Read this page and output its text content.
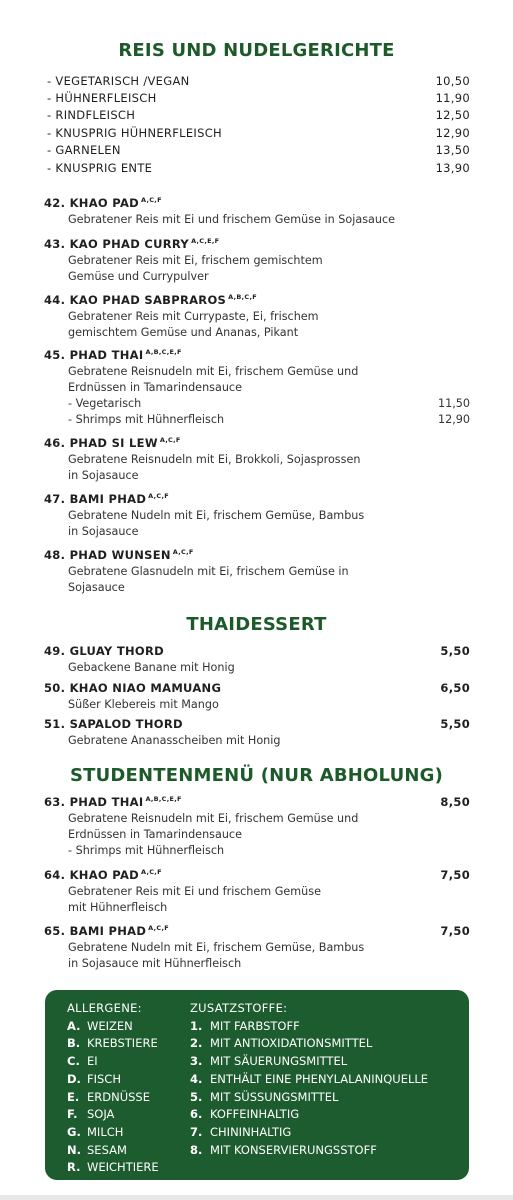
REIS UND NUDELGERICHTE
THAIDESSERT
STUDENTENMENÜ (NUR ABHOLUNG)
- VEGETARISCH /VEGAN	10,50
- HÜHNERFLEISCH	11,90
- RINDFLEISCH	12,50
- KNUSPRIG HÜHNERFLEISCH	12,90
- GARNELEN	13,50
- KNUSPRIG ENTE	13,90
42. KHAO PAD $^{A,C,F}$
Gebratener Reis mit Ei und frischem Gemüse in Sojasauce
43. KAO PHAD CURRY $^{A,C,E,F}$
Gebratener Reis mit Ei, frischem gemischtem
Gemüse und Currypulver
44. KAO PHAD SABPRAROS $^{A,B,C,F}$
Gebratener Reis mit Currypaste, Ei, frischem
gemischtem Gemüse und Ananas, Pikant
45. PHAD THAI $^{A,B,C,E,F}$
Gebratene Reisnudeln mit Ei, frischem Gemüse und
Erdnüssen in Tamarindensauce
- Vegetarisch	11,50
- Shrimps mit Hühnerfleisch	12,90
46. PHAD SI LEW $^{A,C,F}$
Gebratene Reisnudeln mit Ei, Brokkoli, Sojasprossen
in Sojasauce
47. BAMI PHAD $^{A,C,F}$
Gebratene Nudeln mit Ei, frischem Gemüse, Bambus
in Sojasauce
48. PHAD WUNSEN $^{A,C,F}$
Gebratene Glasnudeln mit Ei, frischem Gemüse in
Sojasauce
49. GLUAY THORD	5,50
Gebackene Banane mit Honig
50. KHAO NIAO MAMUANG	6,50
Süßer Klebereis mit Mango
51. SAPALOD THORD	5,50
Gebratene Ananasscheiben mit Honig
63. PHAD THAI $^{A,B,C,E,F}$	8,50
Gebratene Reisnudeln mit Ei, frischem Gemüse und
Erdnüssen in Tamarindensauce
- Shrimps mit Hühnerfleisch
64. KHAO PAD $^{A,C,F}$	7,50
Gebratener Reis mit Ei und frischem Gemüse
mit Hühnerfleisch
65. BAMI PHAD $^{A,C,F}$	7,50
Gebratene Nudeln mit Ei, frischem Gemüse, Bambus
in Sojasauce mit Hühnerfleisch
ALLERGENE:
A. WEIZEN
B. KREBSTIERE
C. EI
D. FISCH
E. ERDNÜSSE
F. SOJA
G. MILCH
N. SESAM
R. WEICHTIERE
ZUSATZSTOFFE:
1. MIT FARBSTOFF
2. MIT ANTIOXIDATIONSMITTEL
3. MIT SÄUERUNGSMITTEL
4. ENTHÄLT EINE PHENYLALANINQUELLE
5. MIT SÜSSUNGSMITTEL
6. KOFFEINHALTIG
7. CHININHALTIG
8. MIT KONSERVIERUNGSSTOFF
